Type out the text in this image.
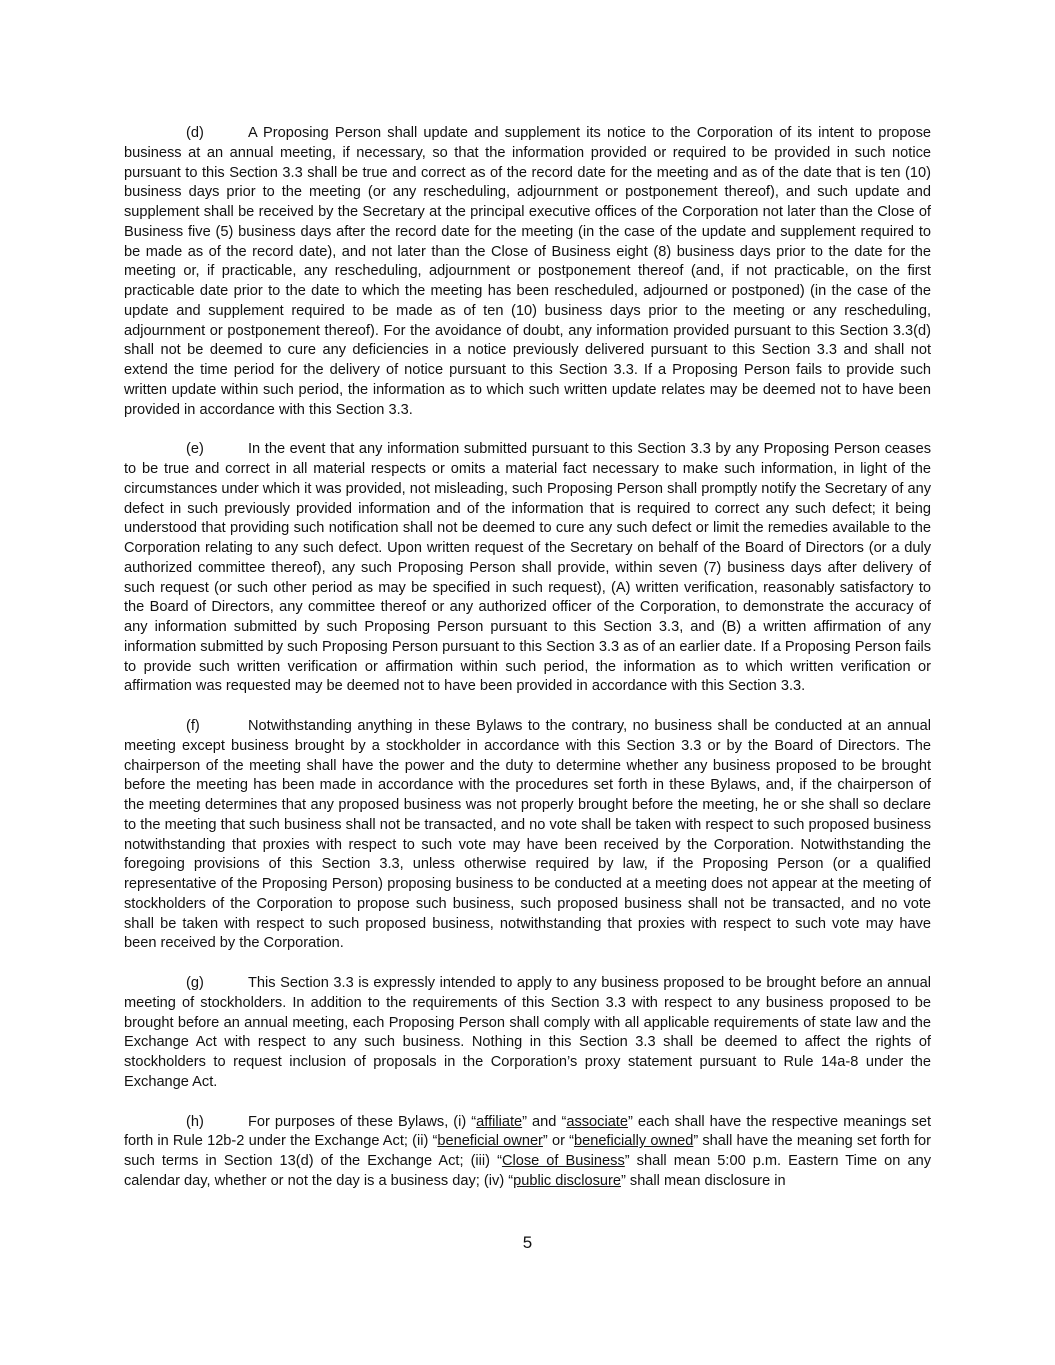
(d)	A Proposing Person shall update and supplement its notice to the Corporation of its intent to propose business at an annual meeting, if necessary, so that the information provided or required to be provided in such notice pursuant to this Section 3.3 shall be true and correct as of the record date for the meeting and as of the date that is ten (10) business days prior to the meeting (or any rescheduling, adjournment or postponement thereof), and such update and supplement shall be received by the Secretary at the principal executive offices of the Corporation not later than the Close of Business five (5) business days after the record date for the meeting (in the case of the update and supplement required to be made as of the record date), and not later than the Close of Business eight (8) business days prior to the date for the meeting or, if practicable, any rescheduling, adjournment or postponement thereof (and, if not practicable, on the first practicable date prior to the date to which the meeting has been rescheduled, adjourned or postponed) (in the case of the update and supplement required to be made as of ten (10) business days prior to the meeting or any rescheduling, adjournment or postponement thereof). For the avoidance of doubt, any information provided pursuant to this Section 3.3(d) shall not be deemed to cure any deficiencies in a notice previously delivered pursuant to this Section 3.3 and shall not extend the time period for the delivery of notice pursuant to this Section 3.3. If a Proposing Person fails to provide such written update within such period, the information as to which such written update relates may be deemed not to have been provided in accordance with this Section 3.3.

(e)	In the event that any information submitted pursuant to this Section 3.3 by any Proposing Person ceases to be true and correct in all material respects or omits a material fact necessary to make such information, in light of the circumstances under which it was provided, not misleading, such Proposing Person shall promptly notify the Secretary of any defect in such previously provided information and of the information that is required to correct any such defect; it being understood that providing such notification shall not be deemed to cure any such defect or limit the remedies available to the Corporation relating to any such defect. Upon written request of the Secretary on behalf of the Board of Directors (or a duly authorized committee thereof), any such Proposing Person shall provide, within seven (7) business days after delivery of such request (or such other period as may be specified in such request), (A) written verification, reasonably satisfactory to the Board of Directors, any committee thereof or any authorized officer of the Corporation, to demonstrate the accuracy of any information submitted by such Proposing Person pursuant to this Section 3.3, and (B) a written affirmation of any information submitted by such Proposing Person pursuant to this Section 3.3 as of an earlier date. If a Proposing Person fails to provide such written verification or affirmation within such period, the information as to which written verification or affirmation was requested may be deemed not to have been provided in accordance with this Section 3.3.

(f)	Notwithstanding anything in these Bylaws to the contrary, no business shall be conducted at an annual meeting except business brought by a stockholder in accordance with this Section 3.3 or by the Board of Directors. The chairperson of the meeting shall have the power and the duty to determine whether any business proposed to be brought before the meeting has been made in accordance with the procedures set forth in these Bylaws, and, if the chairperson of the meeting determines that any proposed business was not properly brought before the meeting, he or she shall so declare to the meeting that such business shall not be transacted, and no vote shall be taken with respect to such proposed business notwithstanding that proxies with respect to such vote may have been received by the Corporation. Notwithstanding the foregoing provisions of this Section 3.3, unless otherwise required by law, if the Proposing Person (or a qualified representative of the Proposing Person) proposing business to be conducted at a meeting does not appear at the meeting of stockholders of the Corporation to propose such business, such proposed business shall not be transacted, and no vote shall be taken with respect to such proposed business, notwithstanding that proxies with respect to such vote may have been received by the Corporation.

(g)	This Section 3.3 is expressly intended to apply to any business proposed to be brought before an annual meeting of stockholders. In addition to the requirements of this Section 3.3 with respect to any business proposed to be brought before an annual meeting, each Proposing Person shall comply with all applicable requirements of state law and the Exchange Act with respect to any such business. Nothing in this Section 3.3 shall be deemed to affect the rights of stockholders to request inclusion of proposals in the Corporation’s proxy statement pursuant to Rule 14a-8 under the Exchange Act.

(h)	For purposes of these Bylaws, (i) “affiliate” and “associate” each shall have the respective meanings set forth in Rule 12b-2 under the Exchange Act; (ii) “beneficial owner” or “beneficially owned” shall have the meaning set forth for such terms in Section 13(d) of the Exchange Act; (iii) “Close of Business” shall mean 5:00 p.m. Eastern Time on any calendar day, whether or not the day is a business day; (iv) “public disclosure” shall mean disclosure in

5
